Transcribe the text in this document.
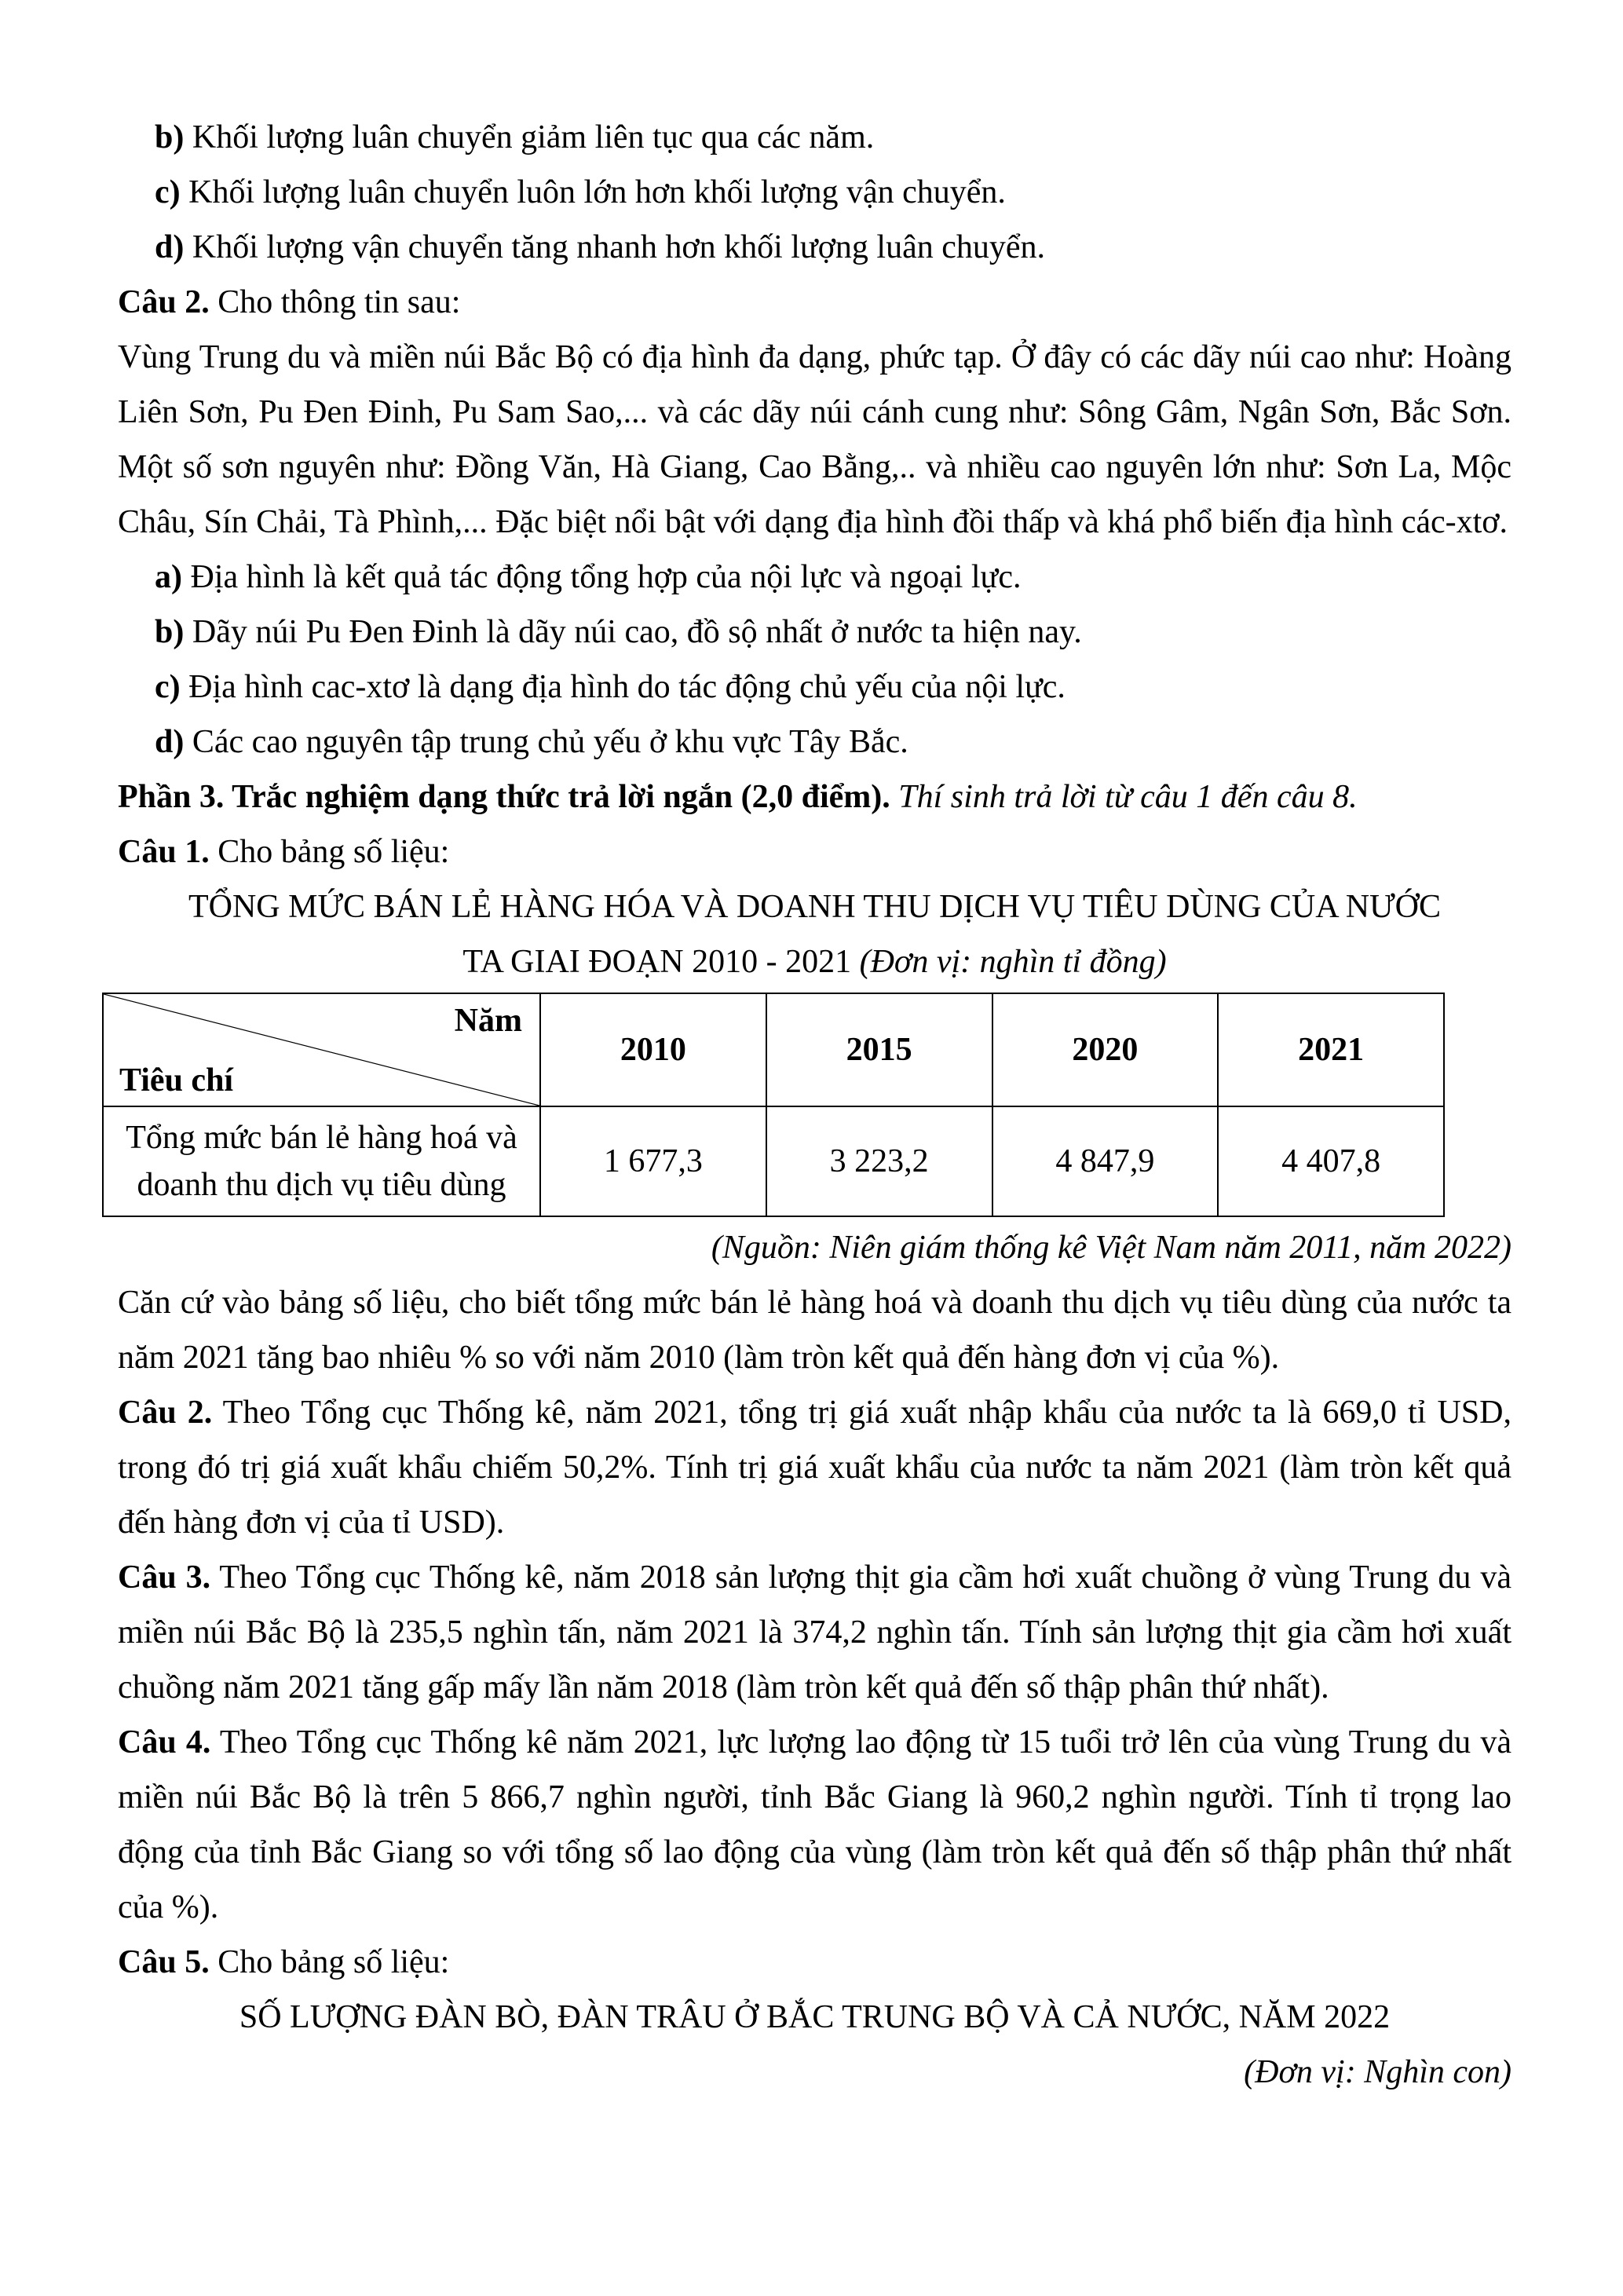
b) Khối lượng luân chuyển giảm liên tục qua các năm.

c) Khối lượng luân chuyển luôn lớn hơn khối lượng vận chuyển.

d) Khối lượng vận chuyển tăng nhanh hơn khối lượng luân chuyển.

Câu 2. Cho thông tin sau:

Vùng Trung du và miền núi Bắc Bộ có địa hình đa dạng, phức tạp. Ở đây có các dãy núi cao như: Hoàng Liên Sơn, Pu Đen Đinh, Pu Sam Sao,... và các dãy núi cánh cung như: Sông Gâm, Ngân Sơn, Bắc Sơn. Một số sơn nguyên như: Đồng Văn, Hà Giang, Cao Bằng,.. và nhiều cao nguyên lớn như: Sơn La, Mộc Châu, Sín Chải, Tà Phình,... Đặc biệt nổi bật với dạng địa hình đồi thấp và khá phổ biến địa hình các-xtơ.

a) Địa hình là kết quả tác động tổng hợp của nội lực và ngoại lực.

b) Dãy núi Pu Đen Đinh là dãy núi cao, đồ sộ nhất ở nước ta hiện nay.

c) Địa hình cac-xtơ là dạng địa hình do tác động chủ yếu của nội lực.

d) Các cao nguyên tập trung chủ yếu ở khu vực Tây Bắc.

Phần 3. Trắc nghiệm dạng thức trả lời ngắn (2,0 điểm). Thí sinh trả lời từ câu 1 đến câu 8.

Câu 1. Cho bảng số liệu:

TỔNG MỨC BÁN LẺ HÀNG HÓA VÀ DOANH THU DỊCH VỤ TIÊU DÙNG CỦA NƯỚC

TA GIAI ĐOẠN 2010 - 2021 (Đơn vị: nghìn tỉ đồng)

Năm
Tiêu chí	2010	2015	2020	2021
Tổng mức bán lẻ hàng hoá và
doanh thu dịch vụ tiêu dùng	1 677,3	3 223,2	4 847,9	4 407,8

(Nguồn: Niên giám thống kê Việt Nam năm 2011, năm 2022)

Căn cứ vào bảng số liệu, cho biết tổng mức bán lẻ hàng hoá và doanh thu dịch vụ tiêu dùng của nước ta năm 2021 tăng bao nhiêu % so với năm 2010 (làm tròn kết quả đến hàng đơn vị của %).

Câu 2. Theo Tổng cục Thống kê, năm 2021, tổng trị giá xuất nhập khẩu của nước ta là 669,0 tỉ USD, trong đó trị giá xuất khẩu chiếm 50,2%. Tính trị giá xuất khẩu của nước ta năm 2021 (làm tròn kết quả đến hàng đơn vị của tỉ USD).

Câu 3. Theo Tổng cục Thống kê, năm 2018 sản lượng thịt gia cầm hơi xuất chuồng ở vùng Trung du và miền núi Bắc Bộ là 235,5 nghìn tấn, năm 2021 là 374,2 nghìn tấn. Tính sản lượng thịt gia cầm hơi xuất chuồng năm 2021 tăng gấp mấy lần năm 2018 (làm tròn kết quả đến số thập phân thứ nhất).

Câu 4. Theo Tổng cục Thống kê năm 2021, lực lượng lao động từ 15 tuổi trở lên của vùng Trung du và miền núi Bắc Bộ là trên 5 866,7 nghìn người, tỉnh Bắc Giang là 960,2 nghìn người. Tính tỉ trọng lao động của tỉnh Bắc Giang so với tổng số lao động của vùng (làm tròn kết quả đến số thập phân thứ nhất của %).

Câu 5. Cho bảng số liệu:

SỐ LƯỢNG ĐÀN BÒ, ĐÀN TRÂU Ở BẮC TRUNG BỘ VÀ CẢ NƯỚC, NĂM 2022

(Đơn vị: Nghìn con)
